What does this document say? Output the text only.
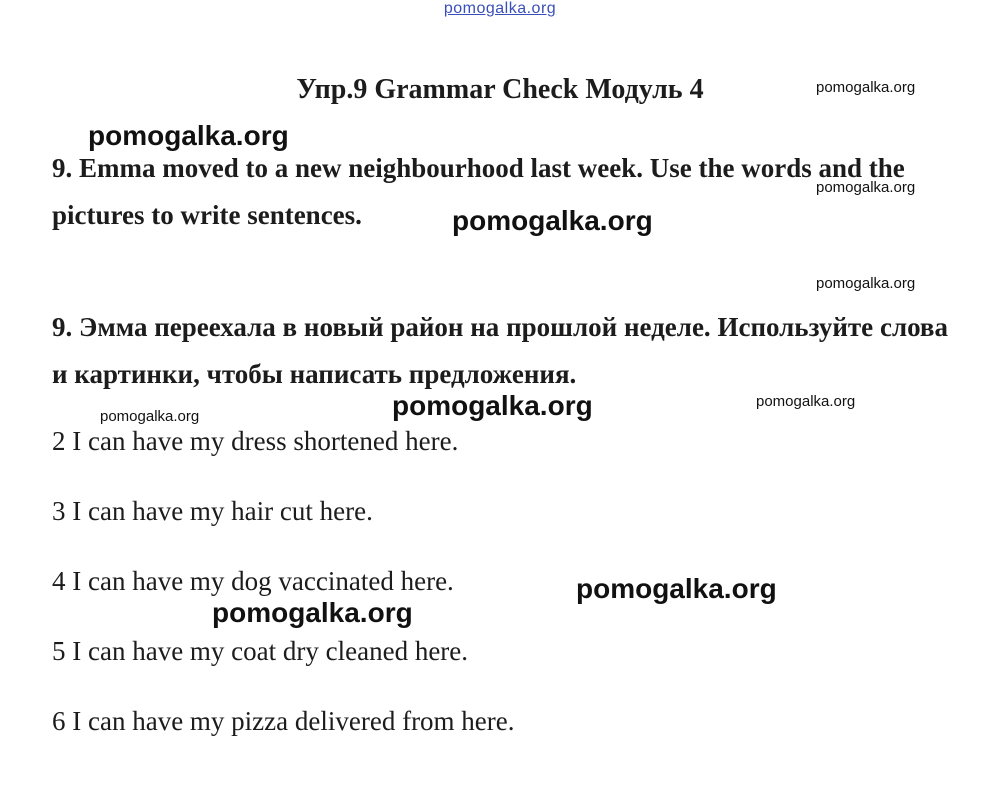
pomogalka.org
Упр.9 Grammar Check Модуль 4
9. Emma moved to a new neighbourhood last week. Use the words and the pictures to write sentences.
9. Эмма переехала в новый район на прошлой неделе. Используйте слова и картинки, чтобы написать предложения.
2 I can have my dress shortened here.
3 I can have my hair cut here.
4 I can have my dog vaccinated here.
5 I can have my coat dry cleaned here.
6 I can have my pizza delivered from here.
pomogalka.org
pomogalka.org
pomogalka.org
pomogalka.org
pomogalka.org
pomogalka.org	pomogalka.org
pomogalka.org
pomogalka.org
pomogalka.org
